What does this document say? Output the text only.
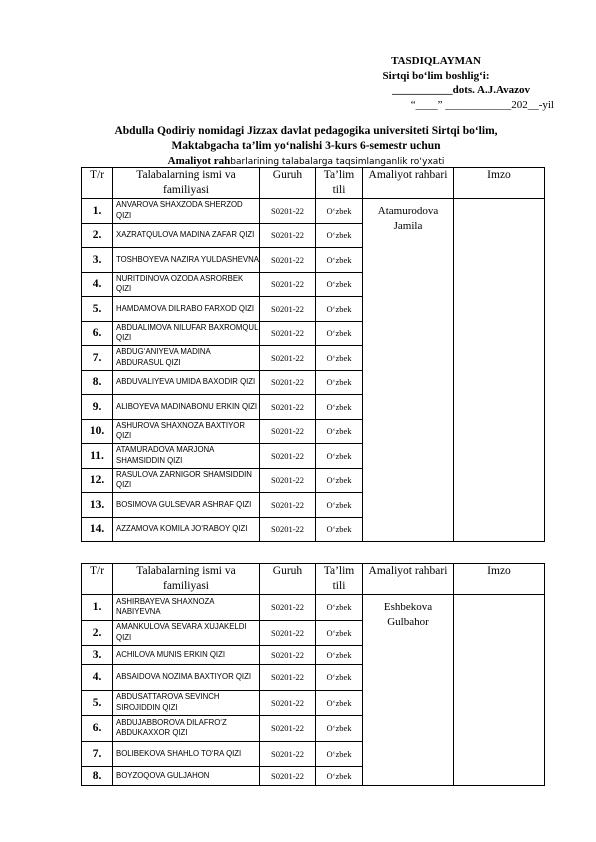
TASDIQLAYMAN
Sirtqi bo‘lim boshlig‘i:
___________dots. A.J.Avazov
“____” ____________202__-yil
Abdulla Qodiriy nomidagi Jizzax davlat pedagogika universiteti Sirtqi bo‘lim,
Maktabgacha ta’lim yo‘nalishi 3-kurs 6-semestr uchun
Amaliyot rahbarlarining talabalarga taqsimlanganlik ro‘yxati
T/r	Talabalarning ismi va familiyasi	Guruh	Ta’lim tili	Amaliyot rahbari	Imzo
1.	ANVAROVA SHAXZODA SHERZOD QIZI	S0201-22	O‘zbek	Atamurodova Jamila	
2.	XAZRATQULOVA MADINA ZAFAR QIZI	S0201-22	O‘zbek		
3.	TOSHBOYEVA NAZIRA YULDASHEVNA	S0201-22	O‘zbek		
4.	NURITDINOVA OZODA ASRORBEK QIZI	S0201-22	O‘zbek		
5.	HAMDAMOVA DILRABO FARXOD QIZI	S0201-22	O‘zbek		
6.	ABDUALIMOVA NILUFAR BAXROMQUL QIZI	S0201-22	O‘zbek		
7.	ABDUG‘ANIYEVA MADINA ABDURASUL QIZI	S0201-22	O‘zbek		
8.	ABDUVALIYEVA UMIDA BAXODIR QIZI	S0201-22	O‘zbek		
9.	ALIBOYEVA MADINABONU ERKIN QIZI	S0201-22	O‘zbek		
10.	ASHUROVA SHAXNOZA BAXTIYOR QIZI	S0201-22	O‘zbek		
11.	ATAMURADOVA MARJONA SHAMSIDDIN QIZI	S0201-22	O‘zbek		
12.	RASULOVA ZARNIGOR SHAMSIDDIN QIZI	S0201-22	O‘zbek		
13.	BOSIMOVA GULSEVAR ASHRAF QIZI	S0201-22	O‘zbek		
14.	AZZAMOVA KOMILA JO‘RABOY QIZI	S0201-22	O‘zbek		
T/r	Talabalarning ismi va familiyasi	Guruh	Ta’lim tili	Amaliyot rahbari	Imzo
1.	ASHIRBAYEVA SHAXNOZA NABIYEVNA	S0201-22	O‘zbek	Eshbekova Gulbahor	
2.	AMANKULOVA SEVARA XUJAKELDI QIZI	S0201-22	O‘zbek		
3.	ACHILOVA MUNIS ERKIN QIZI	S0201-22	O‘zbek		
4.	ABSAIDOVA NOZIMA BAXTIYOR QIZI	S0201-22	O‘zbek		
5.	ABDUSATTAROVA SEVINCH SIROJIDDIN QIZI	S0201-22	O‘zbek		
6.	ABDUJABBOROVA DILAFRO‘Z ABDUKAXXOR QIZI	S0201-22	O‘zbek		
7.	BOLIBEKOVA SHAHLO TO‘RA QIZI	S0201-22	O‘zbek		
8.	BOYZOQOVA GULJAHON	S0201-22	O‘zbek		
